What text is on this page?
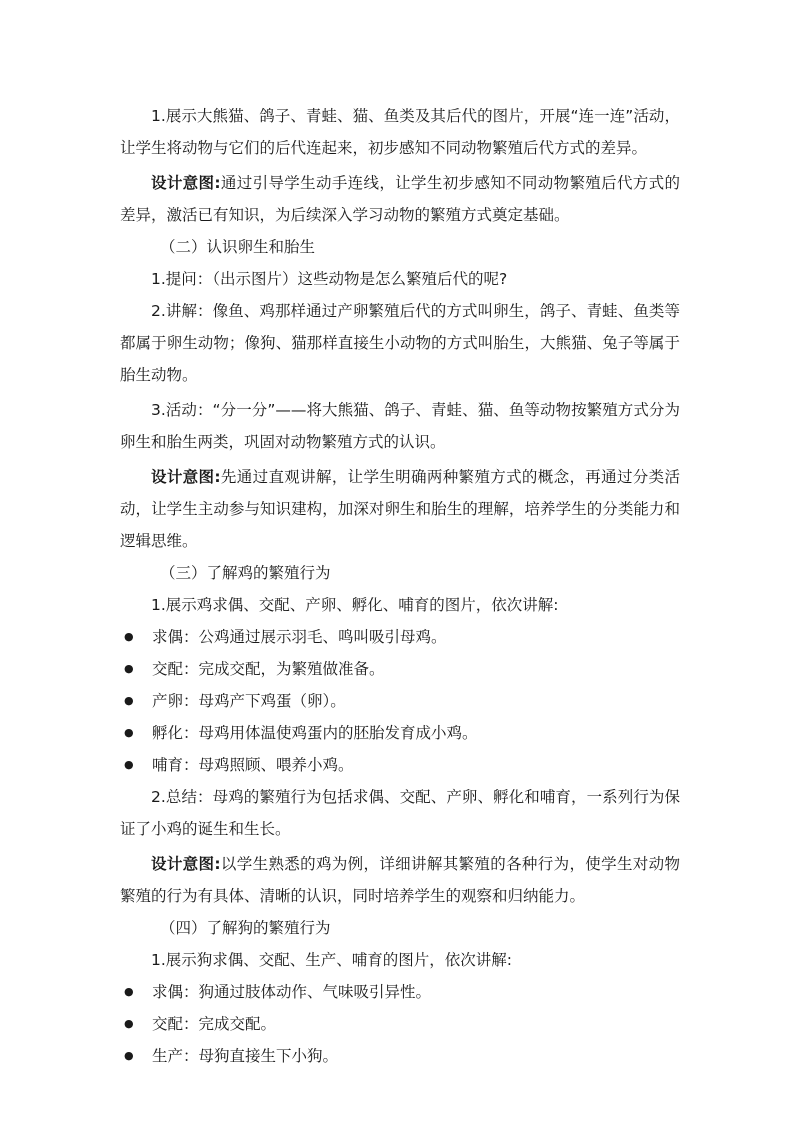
1.展示大熊猫、鸽子、青蛙、猫、鱼类及其后代的图片，开展“连一连”活动，让学生将动物与它们的后代连起来，初步感知不同动物繁殖后代方式的差异。

设计意图:通过引导学生动手连线，让学生初步感知不同动物繁殖后代方式的差异，激活已有知识，为后续深入学习动物的繁殖方式奠定基础。

（二）认识卵生和胎生

1.提问：（出示图片）这些动物是怎么繁殖后代的呢?

2.讲解：像鱼、鸡那样通过产卵繁殖后代的方式叫卵生，鸽子、青蛙、鱼类等都属于卵生动物；像狗、猫那样直接生小动物的方式叫胎生，大熊猫、兔子等属于胎生动物。

3.活动：“分一分”——将大熊猫、鸽子、青蛙、猫、鱼等动物按繁殖方式分为卵生和胎生两类，巩固对动物繁殖方式的认识。

设计意图:先通过直观讲解，让学生明确两种繁殖方式的概念，再通过分类活动，让学生主动参与知识建构，加深对卵生和胎生的理解，培养学生的分类能力和逻辑思维。

（三）了解鸡的繁殖行为

1.展示鸡求偶、交配、产卵、孵化、哺育的图片，依次讲解:

●	求偶：公鸡通过展示羽毛、鸣叫吸引母鸡。
●	交配：完成交配，为繁殖做准备。
●	产卵：母鸡产下鸡蛋（卵）。
●	孵化：母鸡用体温使鸡蛋内的胚胎发育成小鸡。
●	哺育：母鸡照顾、喂养小鸡。

2.总结：母鸡的繁殖行为包括求偶、交配、产卵、孵化和哺育，一系列行为保证了小鸡的诞生和生长。

设计意图:以学生熟悉的鸡为例，详细讲解其繁殖的各种行为，使学生对动物繁殖的行为有具体、清晰的认识，同时培养学生的观察和归纳能力。

（四）了解狗的繁殖行为

1.展示狗求偶、交配、生产、哺育的图片，依次讲解:

●	求偶：狗通过肢体动作、气味吸引异性。
●	交配：完成交配。
●	生产：母狗直接生下小狗。
